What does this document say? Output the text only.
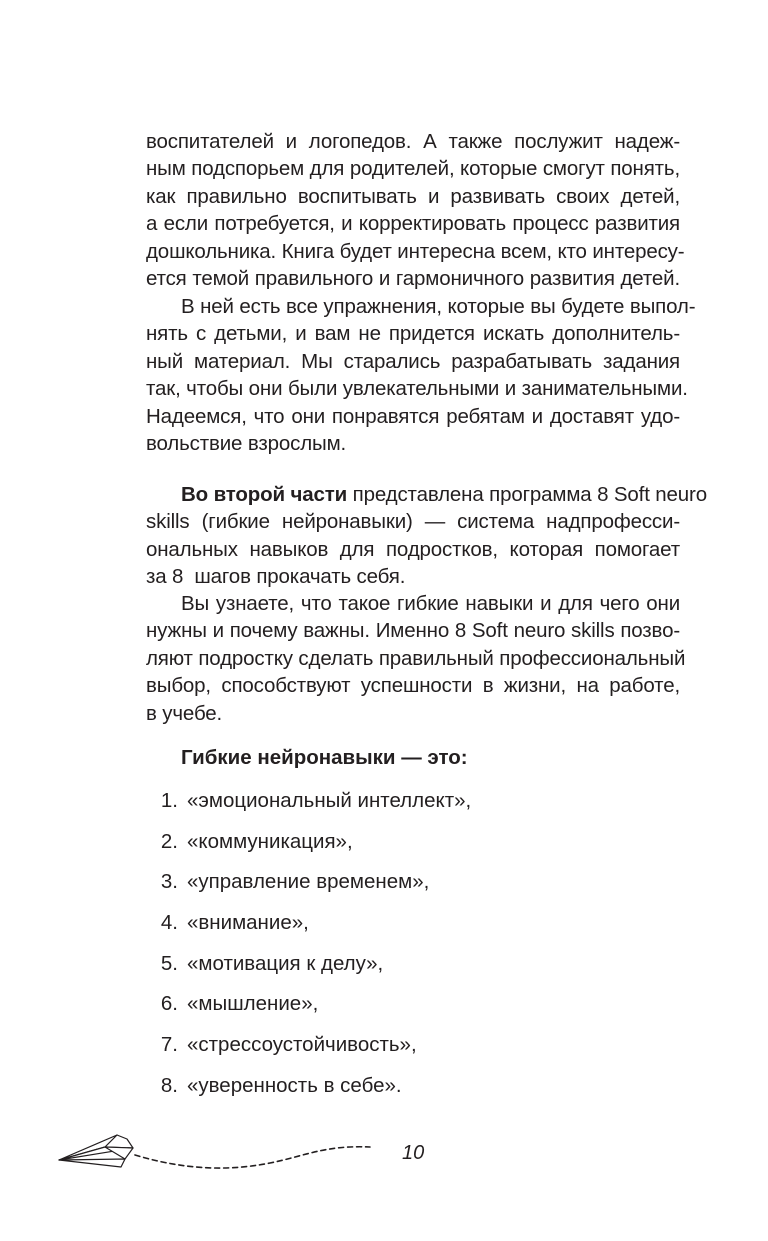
воспитателей и логопедов. А также послужит надеж-
ным подспорьем для родителей, которые смогут понять,
как правильно воспитывать и развивать своих детей,
а если потребуется, и корректировать процесс развития
дошкольника. Книга будет интересна всем, кто интересу-
ется темой правильного и гармоничного развития детей.
В ней есть все упражнения, которые вы будете выпол-
нять с детьми, и вам не придется искать дополнитель-
ный материал. Мы старались разрабатывать задания
так, чтобы они были увлекательными и занимательными.
Надеемся, что они понравятся ребятам и доставят удо-
вольствие взрослым.
Во второй части представлена программа 8 Soft neuro
skills (гибкие нейронавыки) — система надпрофесси-
ональных навыков для подростков, которая помогает
за 8  шагов прокачать себя.
Вы узнаете, что такое гибкие навыки и для чего они
нужны и почему важны. Именно 8 Soft neuro skills позво-
ляют подростку сделать правильный профессиональный
выбор, способствуют успешности в жизни, на работе,
в учебе.
Гибкие нейронавыки — это:
1. «эмоциональный интеллект»,
2. «коммуникация»,
3. «управление временем»,
4. «внимание»,
5. «мотивация к делу»,
6. «мышление»,
7. «стрессоустойчивость»,
8. «уверенность в себе».
10
